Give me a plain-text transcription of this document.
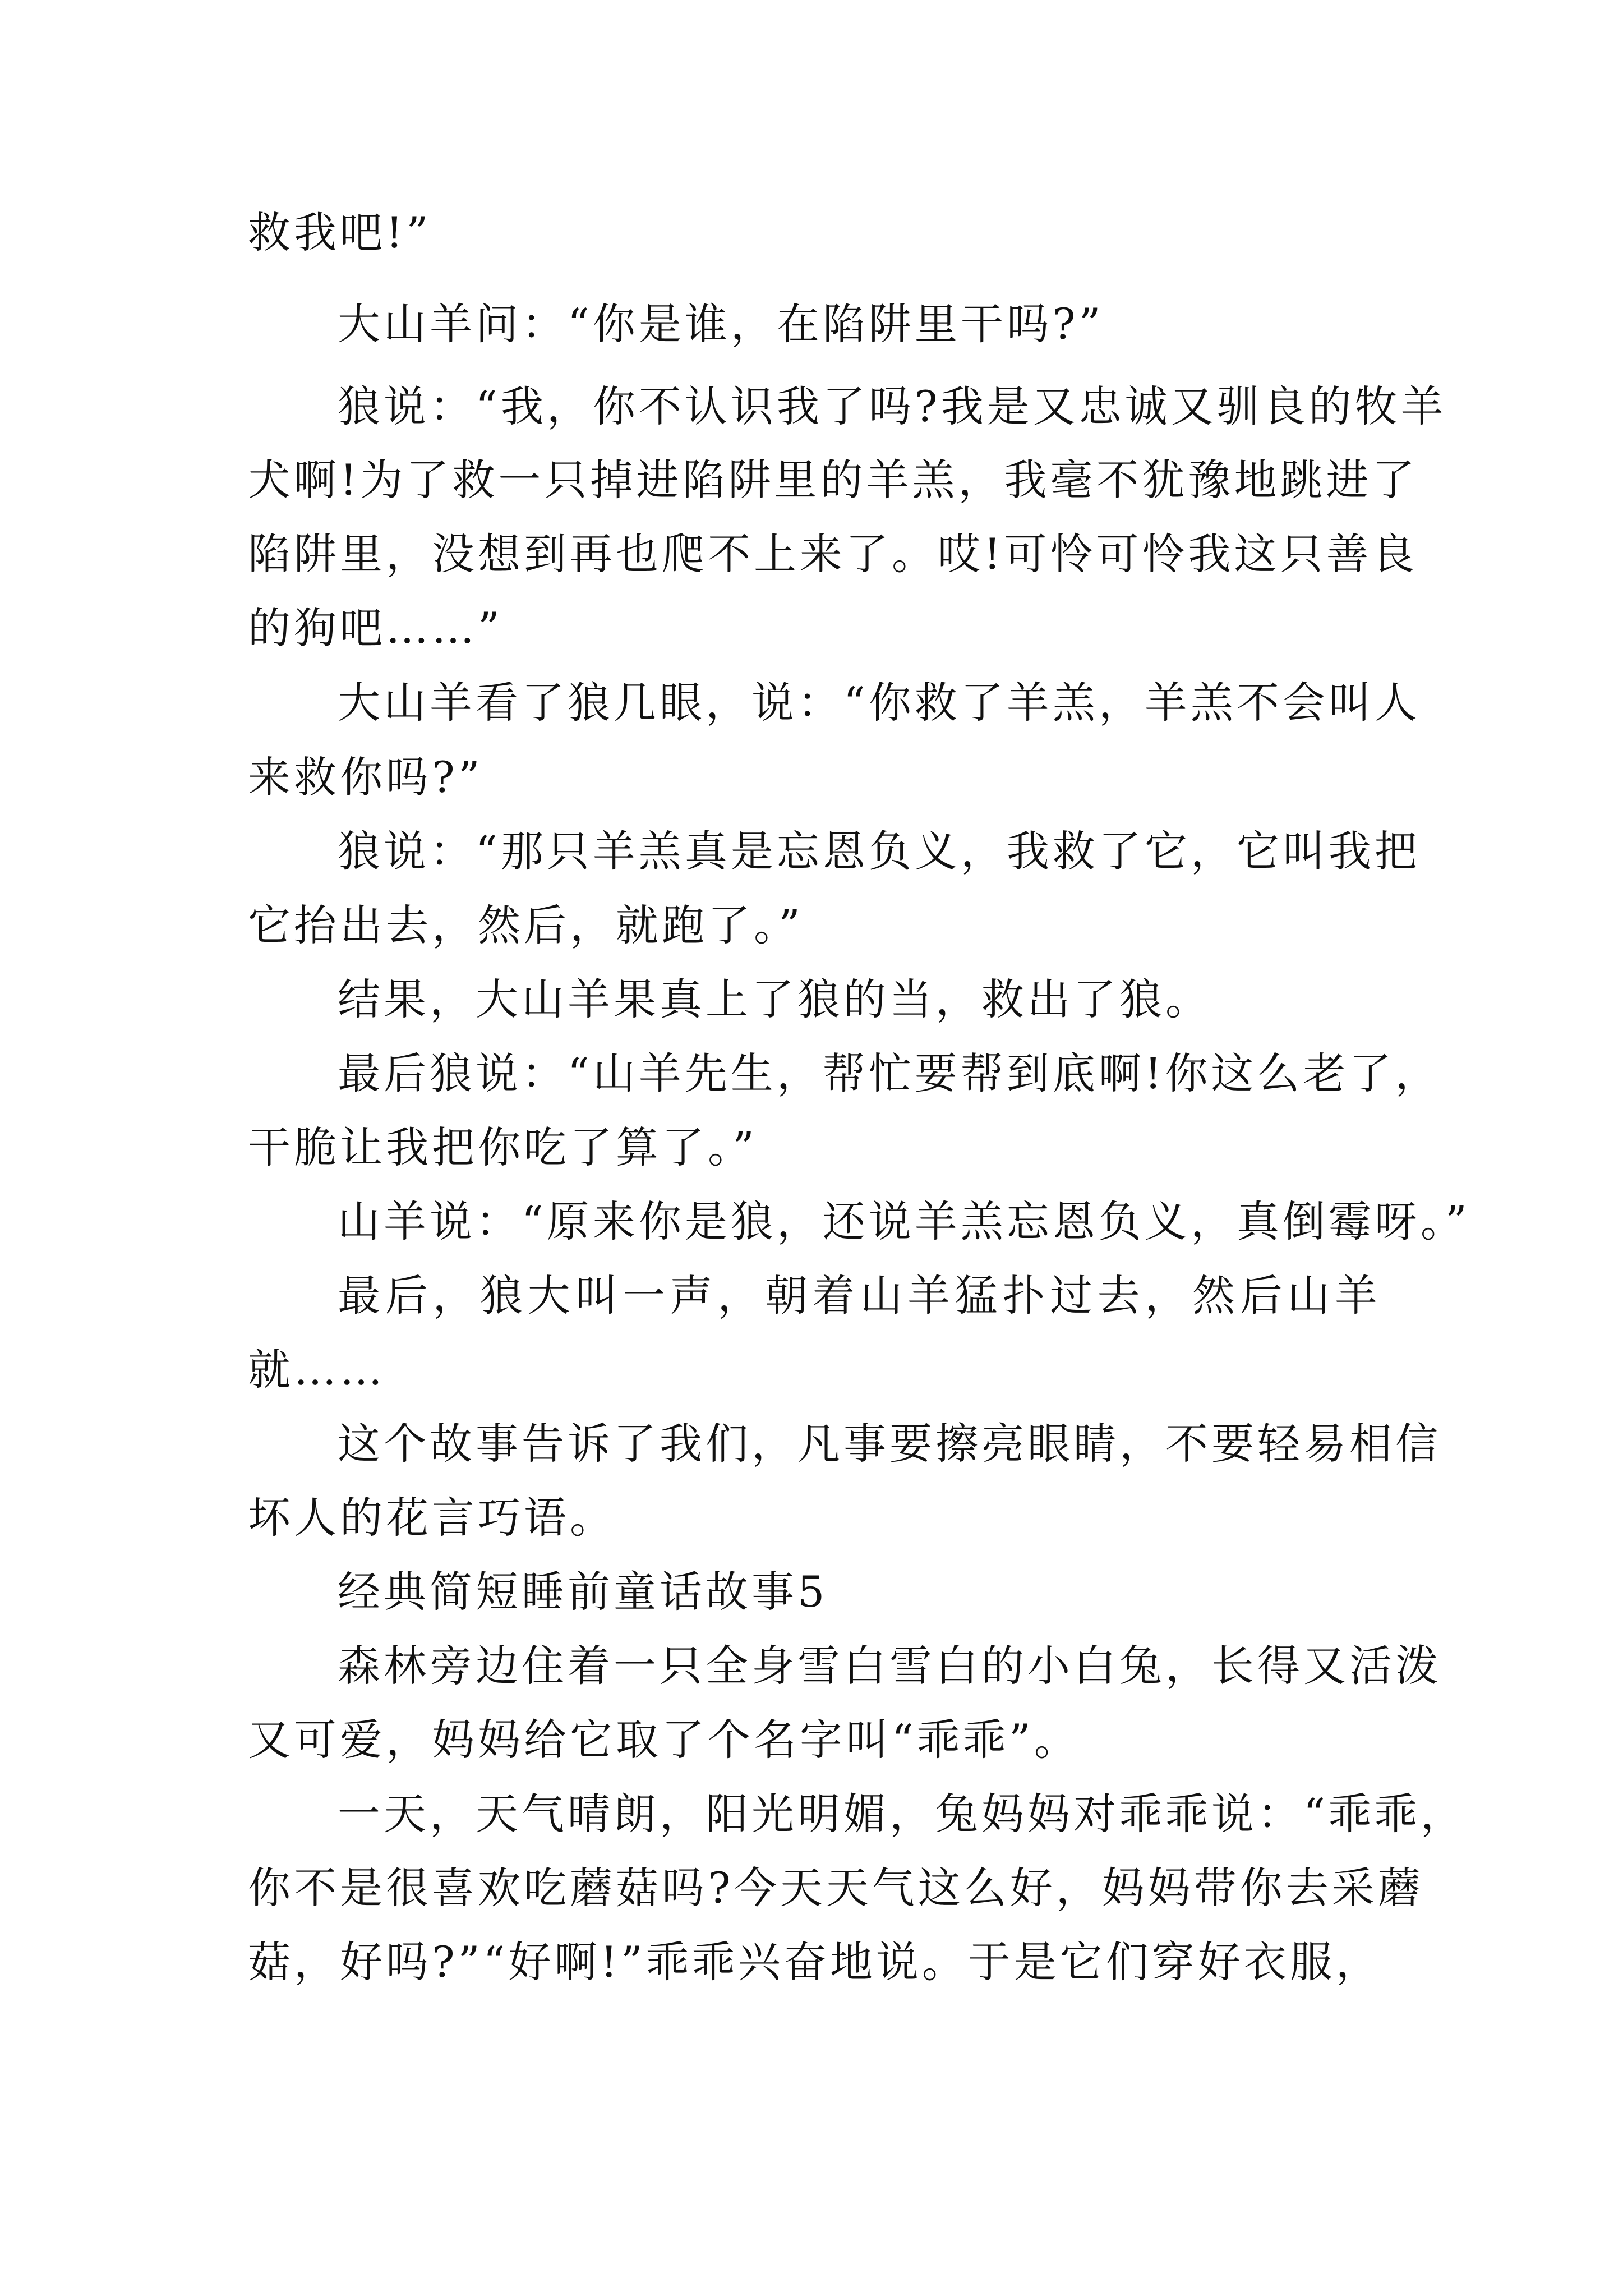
救我吧!”
大山羊问：“你是谁，在陷阱里干吗?”
狼说：“我，你不认识我了吗?我是又忠诚又驯良的牧羊
犬啊!为了救一只掉进陷阱里的羊羔，我毫不犹豫地跳进了
陷阱里，没想到再也爬不上来了。哎!可怜可怜我这只善良
的狗吧……”
大山羊看了狼几眼，说：“你救了羊羔，羊羔不会叫人
来救你吗?”
狼说：“那只羊羔真是忘恩负义，我救了它，它叫我把
它抬出去，然后，就跑了。”
结果，大山羊果真上了狼的当，救出了狼。
最后狼说：“山羊先生，帮忙要帮到底啊!你这么老了，
干脆让我把你吃了算了。”
山羊说：“原来你是狼，还说羊羔忘恩负义，真倒霉呀。”
最后，狼大叫一声，朝着山羊猛扑过去，然后山羊
就……
这个故事告诉了我们，凡事要擦亮眼睛，不要轻易相信
坏人的花言巧语。
经典简短睡前童话故事5
森林旁边住着一只全身雪白雪白的小白兔，长得又活泼
又可爱，妈妈给它取了个名字叫“乖乖”。
一天，天气晴朗，阳光明媚，兔妈妈对乖乖说：“乖乖，
你不是很喜欢吃蘑菇吗?今天天气这么好，妈妈带你去采蘑
菇，好吗?”“好啊!”乖乖兴奋地说。于是它们穿好衣服，
